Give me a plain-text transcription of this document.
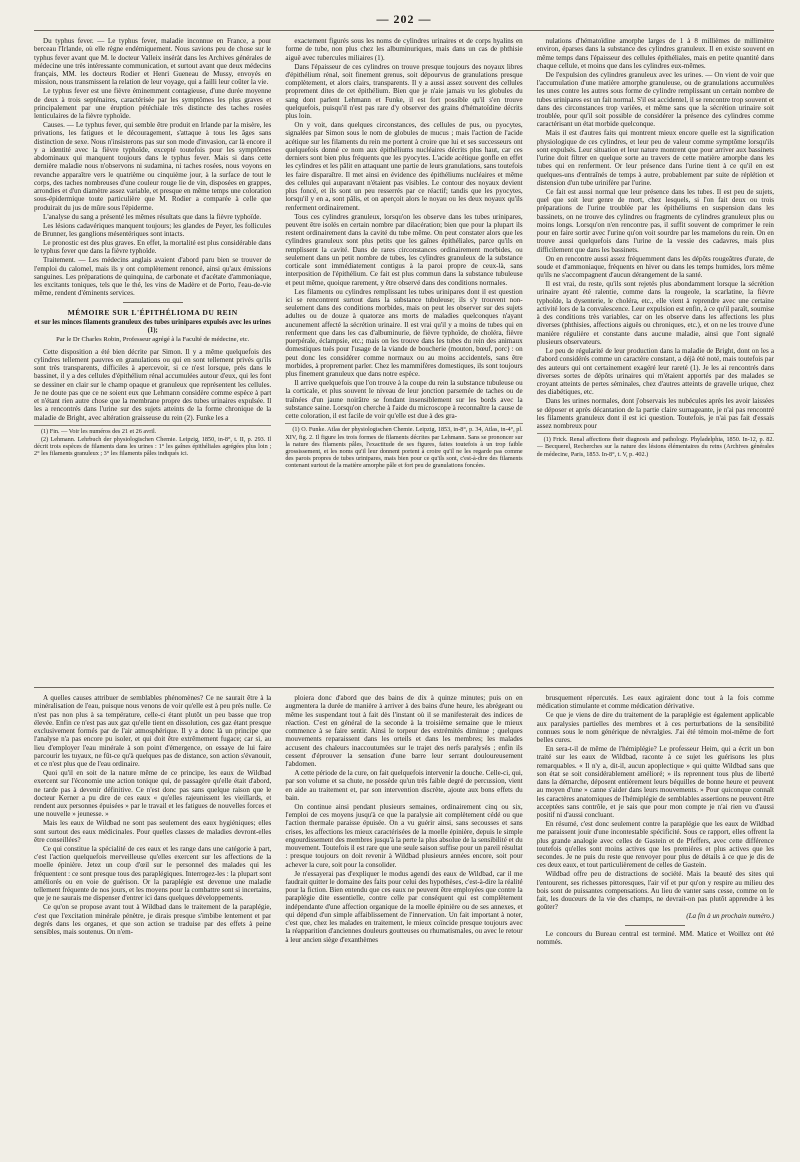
— 202 —

Du typhus fever. — Le typhus fever, maladie inconnue en France, a pour berceau l'Irlande, où elle règne endémiquement. Nous savions peu de chose sur le typhus fever avant que M. le docteur Valleix inséràt dans les Archives générales de médecine une très intéressante communication, et surtout avant que deux médecins français, MM. les docteurs Rodier et Henri Gueneau de Mussy, envoyés en mission, nous transmissent la relation de leur voyage, qui a failli leur coûter la vie.

Le typhus fever est une fièvre éminemment contagieuse, d'une durée moyenne de deux à trois septénaires, caractérisée par les symptômes les plus graves et principalement par une éruption pétéchiale très distincte des taches rosées lenticulaires de la fièvre typhoïde.

Causes. — Le typhus fever, qui semble être produit en Irlande par la misère, les privations, les fatigues et le découragement, s'attaque à tous les âges sans distinction de sexe. Nous n'insisterons pas sur son mode d'invasion, car là encore il y a identité avec la fièvre typhoïde, excepté toutefois pour les symptômes abdominaux qui manquent toujours dans le typhus fever. Mais si dans cette dernière maladie nous n'observons ni sudamina, ni taches rosées, nous voyons en revanche apparaître vers le quatrième ou cinquième jour, à la surface de tout le corps, des taches nombreuses d'une couleur rouge lie de vin, disposées en grappes, arrondies et d'un diamètre assez variable, et presque en même temps une coloration sous-épidermique toute particulière que M. Rodier a comparée à celle que produirait du jus de mûre sous l'épiderme.

L'analyse du sang a présenté les mêmes résultats que dans la fièvre typhoïde.

Les lésions cadavériques manquent toujours; les glandes de Peyer, les follicules de Brunner, les ganglions mésentériques sont intacts.

Le pronostic est des plus graves. En effet, la mortalité est plus considérable dans le typhus fever que dans la fièvre typhoïde.

Traitement. — Les médecins anglais avaient d'abord paru bien se trouver de l'emploi du calomel, mais ils y ont complètement renoncé, ainsi qu'aux émissions sanguines. Les préparations de quinquina, de carbonate et d'acétate d'ammoniaque, les excitants toniques, tels que le thé, les vins de Madère et de Porto, l'eau-de-vie même, rendent d'éminents services.

MÉMOIRE SUR L'ÉPITHÉLIOMA DU REIN

et sur les minces filaments granuleux des tubes urinipares expulsés avec les urines (1);

Par le Dr Charles Robin, Professeur agrégé à la Faculté de médecine, etc.

Cette disposition a été bien décrite par Simon. Il y a même quelquefois des cylindres tellement pauvres en granulations ou qui en sont tellement privés qu'ils sont très transparents, difficiles à apercevoir, si ce n'est lorsque, près dans le bassinet, il y a des cellules d'épithélium rénal accumulées autour d'eux, qui les font se dessiner en clair sur le champ opaque et granuleux que représentent les cellules. Je ne doute pas que ce ne soient eux que Lehmann considère comme espèce à part et n'étant rien autre chose que la membrane propre des tubes urinaires expulsée. Il les a rencontrés dans l'urine sur des sujets atteints de la forme chronique de la maladie de Bright, avec altération graisseuse du rein (2). Funke les a

(1) Fin. — Voir les numéros des 21 et 26 avril.

(2) Lehmann. Lehrbuch der physiologischen Chemie. Leipzig, 1850, in-8°, t. II, p. 293. Il décrit trois espèces de filaments dans les urines : 1° les gaînes épithéliales agrégées plus loin ; 2° les filaments granuleux ; 3° les filaments pâles indiqués ici.

exactement figurés sous les noms de cylindres urinaires et de corps hyalins en forme de tube, non plus chez les albuminuriques, mais dans un cas de phthisie aiguë avec tubercules miliaires (1).

Dans l'épaisseur de ces cylindres on trouve presque toujours des noyaux libres d'épithélium rénal, soit finement grenus, soit dépourvus de granulations presque complètement, et alors clairs, transparents. Il y a aussi assez souvent des cellules proprement dites de cet épithélium. Bien que je n'aie jamais vu les globules du sang dont parlent Lehmann et Funke, il est fort possible qu'il s'en trouve quelquefois, puisqu'il n'est pas rare d'y observer des grains d'hématoïdine décrits plus loin.

On y voit, dans quelques circonstances, des cellules de pus, ou pyocytes, signalées par Simon sous le nom de globules de mucus ; mais l'action de l'acide acétique sur les filaments du rein me portent à croire que lui et ses successeurs ont quelquefois donné ce nom aux épithéliums nucléaires décrits plus haut, car ces derniers sont bien plus fréquents que les pyocytes. L'acide acétique gonfle en effet les cylindres et les pâlit en attaquant une partie de leurs granulations, sans toutefois les faire disparaître. Il met ainsi en évidence des épithéliums nucléaires et même des cellules qui auparavant n'étaient pas visibles. Le contour des noyaux devient plus foncé, et ils sont un peu resserrés par ce réactif; tandis que les pyocytes, lorsqu'il y en a, sont pâlis, et on aperçoit alors le noyau ou les deux noyaux qu'ils renferment ordinairement.

Tous ces cylindres granuleux, lorsqu'on les observe dans les tubes urinipares, peuvent être isolés en certain nombre par dilacération; bien que pour la plupart ils restent ordinairement dans la cavité du tube même. On peut constater alors que les cylindres granuleux sont plus petits que les gaînes épithéliales, parce qu'ils en remplissent la cavité. Dans de rares circonstances ordinairement morbides, ou seulement dans un petit nombre de tubes, les cylindres granuleux de la substance corticale sont immédiatement contigus à la paroi propre de ceux-là, sans interposition de l'épithélium. Ce fait est plus commun dans la substance tubuleuse et peut même, quoique rarement, y être observé dans des conditions normales.

Les filaments ou cylindres remplissant les tubes urinipares dont il est question ici se rencontrent surtout dans la substance tubuleuse; ils s'y trouvent non-seulement dans des conditions morbides, mais on peut les observer sur des sujets adultes ou de douze à quatorze ans morts de maladies quelconques n'ayant aucunement affecté la sécrétion urinaire. Il est vrai qu'il y a moins de tubes qui en renferment que dans les cas d'albuminurie, de fièvre typhoïde, de choléra, fièvre puerpérale, éclampsie, etc.; mais on les trouve dans les tubes du rein des animaux domestiques tués pour l'usage de la viande de boucherie (mouton, bœuf, porc) : on peut donc les considérer comme normaux ou au moins accidentels, sans être morbides, à proprement parler. Chez les mammifères domestiques, ils sont toujours plus finement granuleux que dans notre espèce.

Il arrive quelquefois que l'on trouve à la coupe du rein la substance tubuleuse ou la corticale, et plus souvent le niveau de leur jonction parsemée de taches ou de traînées d'un jaune noirâtre se fondant insensiblement sur les bords avec la substance saine. Lorsqu'on cherche à l'aide du microscope à reconnaître la cause de cette coloration, il est facile de voir qu'elle est due à des gra-

(1) O. Funke. Atlas der physiologischen Chemie. Leipzig, 1853, in-8°, p. 34, Atlas, in-4°, pl. XIV, fig. 2. Il figure les trois formes de filaments décrites par Lehmann. Sans se prononcer sur la nature des filaments pâles, l'exactitude de ses figures, faites toutefois à un trop faible grossissement, et les noms qu'il leur donnent portent à croire qu'il ne les regarde pas comme des parois propres de tubes urinipares, mais bien pour ce qu'ils sont, c'est-à-dire des filaments contenant surtout de la matière amorphe pâle et fort peu de granulations foncées.

nulations d'hématoïdine amorphe larges de 1 à 8 millièmes de millimètre environ, éparses dans la substance des cylindres granuleux. Il en existe souvent en même temps dans l'épaisseur des cellules épithéliales, mais en petite quantité dans chaque cellule, et moins que dans les cylindres eux-mêmes.

De l'expulsion des cylindres granuleux avec les urines. — On vient de voir que l'accumulation d'une matière amorphe granuleuse, ou de granulations accumulées les unes contre les autres sous forme de cylindre remplissant un certain nombre de tubes urinipares est un fait normal. S'il est accidentel, il se rencontre trop souvent et dans des circonstances trop variées, et même sans que la sécrétion urinaire soit troublée, pour qu'il soit possible de considérer la présence des cylindres comme caractérisant un état morbide quelconque.

Mais il est d'autres faits qui montrent mieux encore quelle est la signification physiologique de ces cylindres, et leur peu de valeur comme symptôme lorsqu'ils sont expulsés. Leur situation et leur nature montrent que pour arriver aux bassinets l'urine doit filtrer en quelque sorte au travers de cette matière amorphe dans les tubes qui en renferment. Or leur présence dans l'urine tient à ce qu'il en est quelques-uns d'entraînés de temps à autre, probablement par suite de réplétion et distension d'un tube urinifère par l'urine.

Ce fait est aussi normal que leur présence dans les tubes. Il est peu de sujets, quel que soit leur genre de mort, chez lesquels, si l'on fait deux ou trois préparations de l'urine troublée par les épithéliums en suspension dans les bassinets, on ne trouve des cylindres ou fragments de cylindres granuleux plus ou moins longs. Lorsqu'on n'en rencontre pas, il suffit souvent de comprimer le rein pour en faire sortir avec l'urine qu'on voit sourdre par les mamelons du rein. On en trouve aussi quelquefois dans l'urine de la vessie des cadavres, mais plus difficilement que dans les bassinets.

On en rencontre aussi assez fréquemment dans les dépôts rougeâtres d'urate, de soude et d'ammoniaque, fréquents en hiver ou dans les temps humides, lors même qu'ils ne s'accompagnent d'aucun dérangement de la santé.

Il est vrai, du reste, qu'ils sont rejetés plus abondamment lorsque la sécrétion urinaire ayant été ralentie, comme dans la rougeole, la scarlatine, la fièvre typhoïde, la dysenterie, le choléra, etc., elle vient à reprendre avec une certaine activité lors de la convalescence. Leur expulsion est enfin, à ce qu'il paraît, soumise à des conditions très variables, car on les observe dans les affections les plus diverses (phthisies, affections aiguës ou chroniques, etc.), et on ne les trouve d'une manière régulière et constante dans aucune maladie, ainsi que l'ont signalé plusieurs observateurs.

Le peu de régularité de leur production dans la maladie de Bright, dont on les a d'abord considérés comme un caractère constant, a déjà été noté, mais toutefois par des auteurs qui ont certainement exagéré leur rareté (1). Je les ai rencontrés dans diverses sortes de dépôts urinaires qui m'étaient apportés par des malades se croyant atteints de pertes séminales, chez d'autres atteints de gravelle urique, chez des diabétiques, etc.

Dans les urines normales, dont j'observais les nubécules après les avoir laissées se déposer et après décantation de la partie claire surnageante, je n'ai pas rencontré les filaments granuleux dont il est ici question. Toutefois, je n'ai pas fait d'essais assez nombreux pour

(1) Frick. Renal affections their diagnosis and pathology. Phyladelphia, 1850. In-12, p. 82. — Becquerel, Recherches sur la nature des lésions élémentaires du reins (Archives générales de médecine, Paris, 1853. In-8°, t. V, p. 402.)

A quelles causes attribuer de semblables phénomènes? Ce ne saurait être à la minéralisation de l'eau, puisque nous venons de voir qu'elle est à peu près nulle. Ce n'est pas non plus à sa température, celle-ci étant plutôt un peu basse que trop élevée. Enfin ce n'est pas aux gaz qu'elle tient en dissolution, ces gaz étant presque exclusivement formés par de l'air atmosphérique. Il y a donc là un principe que l'analyse n'a pas encore pu isoler, et qui doit être extrêmement fugace; car si, au lieu d'employer l'eau minérale à son point d'émergence, on essaye de lui faire parcourir les tuyaux, ne fût-ce qu'à quelques pas de distance, son action s'évanouit, et ce n'est plus que de l'eau ordinaire.

Quoi qu'il en soit de la nature même de ce principe, les eaux de Wildbad exercent sur l'économie une action tonique qui, de passagère qu'elle était d'abord, ne tarde pas à devenir définitive. Ce n'est donc pas sans quelque raison que le docteur Kerner a pu dire de ces eaux « qu'elles rajeunissent les vieillards, et rendent aux personnes épuisées » par le travail et les fatigues de nouvelles forces et une nouvelle » jeunesse. »

Mais les eaux de Wildbad ne sont pas seulement des eaux hygiéniques; elles sont surtout des eaux médicinales. Pour quelles classes de maladies devront-elles être conseillées?

Ce qui constitue la spécialité de ces eaux et les range dans une catégorie à part, c'est l'action quelquefois merveilleuse qu'elles exercent sur les affections de la moelle épinière. Jetez un coup d'œil sur le personnel des malades qui les fréquentent : ce sont presque tous des paraplégiques. Interrogez-les : la plupart sont améliorés ou en voie de guérison. Or la paraplégie est devenue une maladie tellement fréquente de nos jours, et les moyens pour la combattre sont si incertains, que je ne saurais me dispenser d'entrer ici dans quelques développements.

Ce qu'on se propose avant tout à Wildbad dans le traitement de la paraplégie, c'est que l'excitation minérale pénètre, je dirais presque s'imbibe lentement et par degrés dans les organes, et que son action se traduise par des effets à peine sensibles, mais soutenus. On n'em-

ploiera donc d'abord que des bains de dix à quinze minutes; puis on en augmentera la durée de manière à arriver à des bains d'une heure, les abrégeant ou même les suspendant tout à fait dès l'instant où il se manifesterait des indices de réaction. C'est en général de la seconde à la troisième semaine que le mieux commence à se faire sentir. Ainsi le torpeur des extrémités diminue ; quelques mouvements reparaissent dans les orteils et dans les membres; les malades accusent des chaleurs inaccoutumées sur le trajet des nerfs paralysés ; enfin ils cessent d'éprouver la sensation d'une barre leur serrant douloureusement l'abdomen.

A cette période de la cure, on fait quelquefois intervenir la douche. Celle-ci, qui, par son volume et sa chute, ne possède qu'un très faible degré de percussion, vient en aide au traitement et, par son intervention discrète, ajoute aux bons effets du bain.

On continue ainsi pendant plusieurs semaines, ordinairement cinq ou six, l'emploi de ces moyens jusqu'à ce que la paralysie ait complètement cédé ou que l'action thermale paraisse épuisée. On a vu guérir ainsi, sans secousses et sans crises, les affections les mieux caractérisées de la moelle épinière, depuis le simple engourdissement des membres jusqu'à la perte la plus absolue de la sensibilité et du mouvement. Toutefois il est rare que une seule saison suffise pour un pareil résultat : presque toujours on doit revenir à Wildbad plusieurs années encore, soit pour achever la cure, soit pour la consolider.

Je n'essayerai pas d'expliquer le modus agendi des eaux de Wildbad, car il me faudrait quitter le domaine des faits pour celui des hypothèses, c'est-à-dire la réalité pour la fiction. Bien entendu que ces eaux ne peuvent être employées que contre la paraplégie dite essentielle, contre celle par conséquent qui est complètement indépendante d'une affection organique de la moelle épinière ou de ses annexes, et qui dépend d'un simple affaiblissement de l'innervation. Un fait important à noter, c'est que, chez les malades en traitement, le mieux coïncide presque toujours avec la réapparition d'anciennes douleurs goutteuses ou rhumatismales, ou avec le retour à leur ancien siège d'exanthèmes

brusquement répercutés. Les eaux agiraient donc tout à la fois comme médication stimulante et comme médication dérivative.

Ce que je viens de dire du traitement de la paraplégie est également applicable aux paralysies partielles des membres et à ces perturbations de la sensibilité connues sous le nom générique de névralgies. J'ai été témoin moi-même de fort belles cures.

En sera-t-il de même de l'hémiplégie? Le professeur Heim, qui a écrit un bon traité sur les eaux de Wildbad, raconte à ce sujet les guérisons les plus remarquables. « Il n'y a, dit-il, aucun apoplectique » qui quitte Wildbad sans que son état se soit considérablement amélioré; » ils reprennent tous plus de liberté dans la démarche, déposent entièrement leurs béquilles de bonne heure et peuvent au moyen d'une » canne s'aider dans leurs mouvements. » Pour quiconque connaît les caractères anatomiques de l'hémiplégie de semblables assertions ne peuvent être acceptées sans contrôle, et je sais que pour mon compte je n'ai rien vu d'aussi positif ni d'aussi concluant.

En résumé, c'est donc seulement contre la paraplégie que les eaux de Wildbad me paraissent jouir d'une incontestable spécificité. Sous ce rapport, elles offrent la plus grande analogie avec celles de Gastein et de Pfeffers, avec cette différence toutefois qu'elles sont moins actives que les premières et plus actives que les secondes. Je ne puis du reste que renvoyer pour plus de détails à ce que je dis de ces deux eaux, et tout particulièrement de celles de Gastein.

Wildbad offre peu de distractions de société. Mais la beauté des sites qui l'entourent, ses richesses pittoresques, l'air vif et pur qu'on y respire au milieu des bois sont de puissantes compensations. Au lieu de vanter sans cesse, comme on le fait, les douceurs de la vie des champs, ne devrait-on pas plutôt apprendre à les goûter?

(La fin à un prochain numéro.)

Le concours du Bureau central est terminé. MM. Matice et Woillez ont été nommés.
